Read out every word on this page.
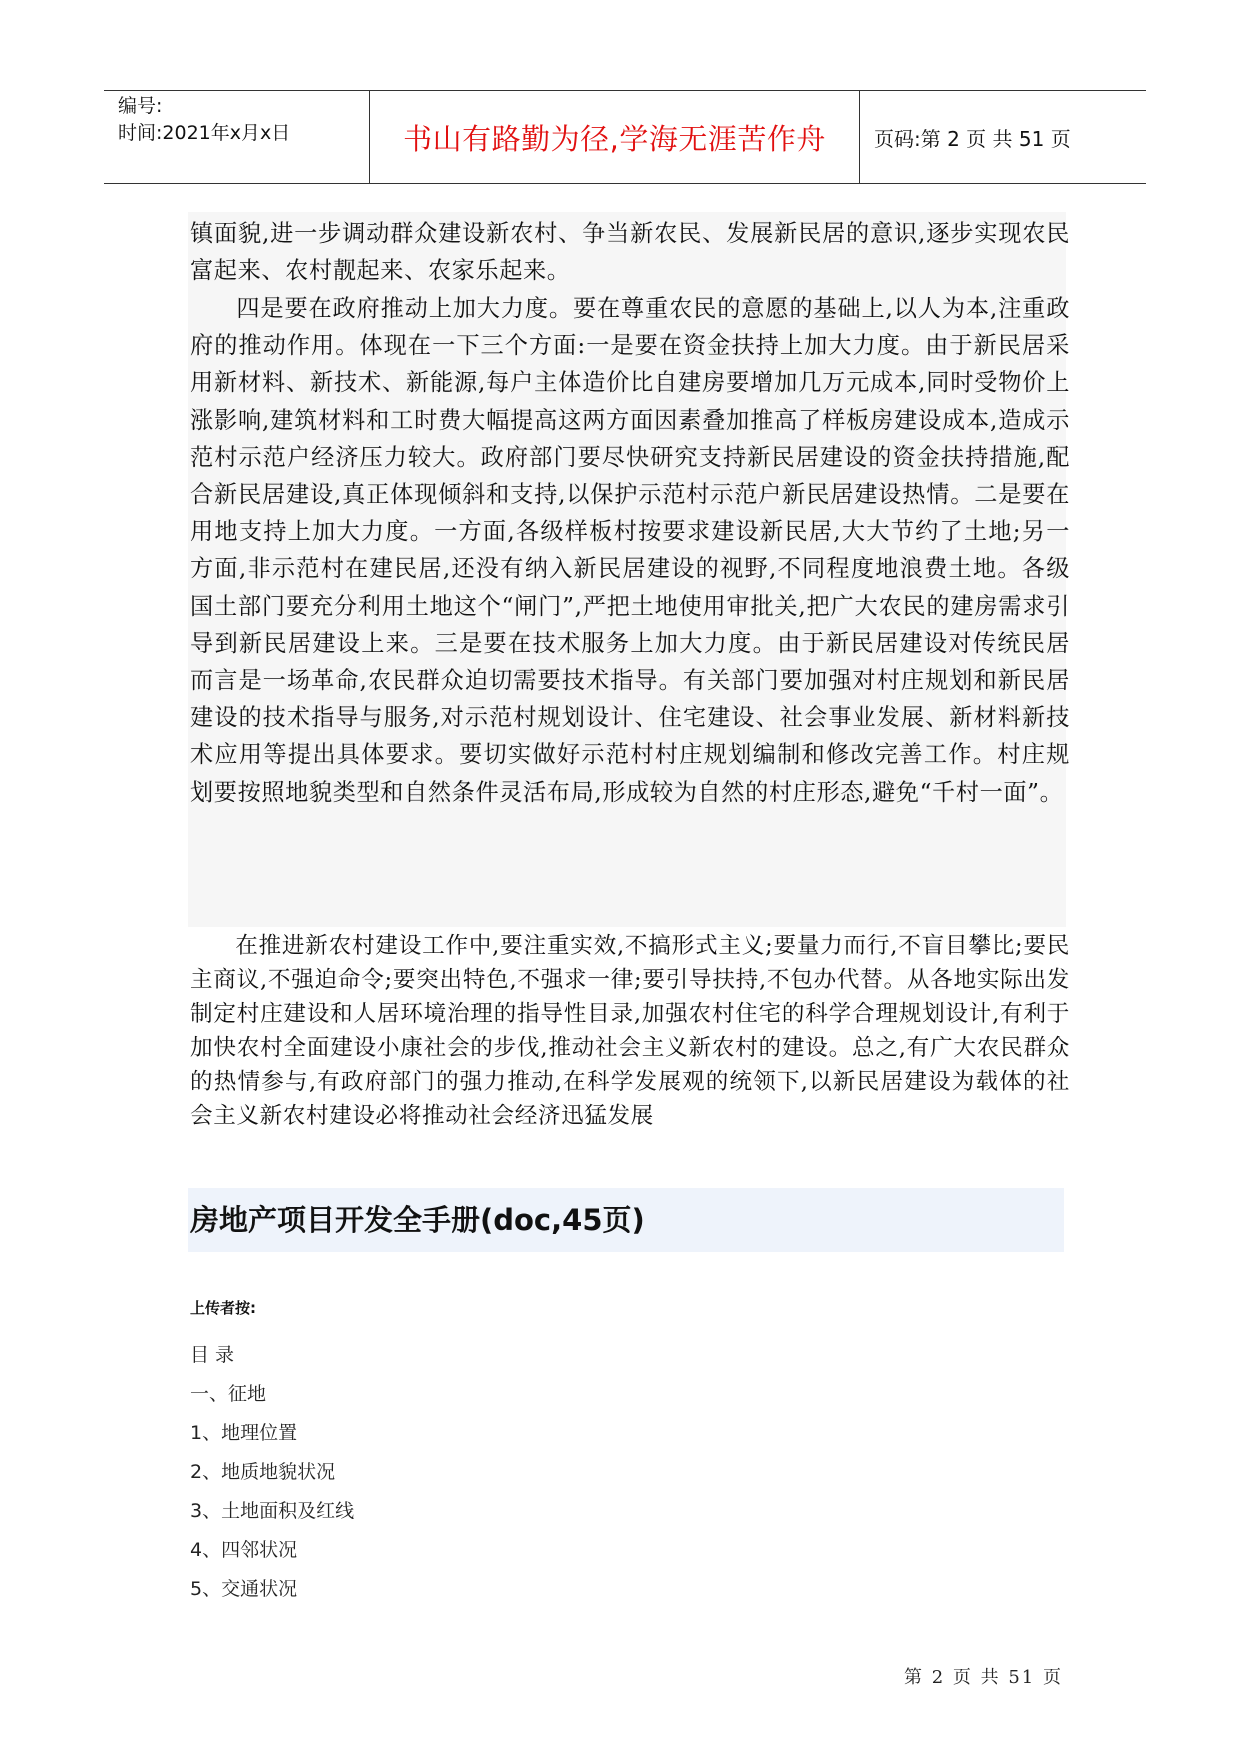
编号:
时间:2021年x月x日	书山有路勤为径,学海无涯苦作舟	页码:第 2 页 共 51 页

镇面貌,进一步调动群众建设新农村、争当新农民、发展新民居的意识,逐步实现农民富起来、农村靓起来、农家乐起来。

四是要在政府推动上加大力度。要在尊重农民的意愿的基础上,以人为本,注重政府的推动作用。体现在一下三个方面:一是要在资金扶持上加大力度。由于新民居采用新材料、新技术、新能源,每户主体造价比自建房要增加几万元成本,同时受物价上涨影响,建筑材料和工时费大幅提高这两方面因素叠加推高了样板房建设成本,造成示范村示范户经济压力较大。政府部门要尽快研究支持新民居建设的资金扶持措施,配合新民居建设,真正体现倾斜和支持,以保护示范村示范户新民居建设热情。二是要在用地支持上加大力度。一方面,各级样板村按要求建设新民居,大大节约了土地;另一方面,非示范村在建民居,还没有纳入新民居建设的视野,不同程度地浪费土地。各级国土部门要充分利用土地这个“闸门”,严把土地使用审批关,把广大农民的建房需求引导到新民居建设上来。三是要在技术服务上加大力度。由于新民居建设对传统民居而言是一场革命,农民群众迫切需要技术指导。有关部门要加强对村庄规划和新民居建设的技术指导与服务,对示范村规划设计、住宅建设、社会事业发展、新材料新技术应用等提出具体要求。要切实做好示范村村庄规划编制和修改完善工作。村庄规划要按照地貌类型和自然条件灵活布局,形成较为自然的村庄形态,避免“千村一面”。

在推进新农村建设工作中,要注重实效,不搞形式主义;要量力而行,不盲目攀比;要民主商议,不强迫命令;要突出特色,不强求一律;要引导扶持,不包办代替。从各地实际出发制定村庄建设和人居环境治理的指导性目录,加强农村住宅的科学合理规划设计,有利于加快农村全面建设小康社会的步伐,推动社会主义新农村的建设。总之,有广大农民群众的热情参与,有政府部门的强力推动,在科学发展观的统领下,以新民居建设为载体的社会主义新农村建设必将推动社会经济迅猛发展

房地产项目开发全手册(doc,45页)
上传者按:
目 录
一、征地
1、地理位置
2、地质地貌状况
3、土地面积及红线
4、四邻状况
5、交通状况
第 2 页 共 51 页
